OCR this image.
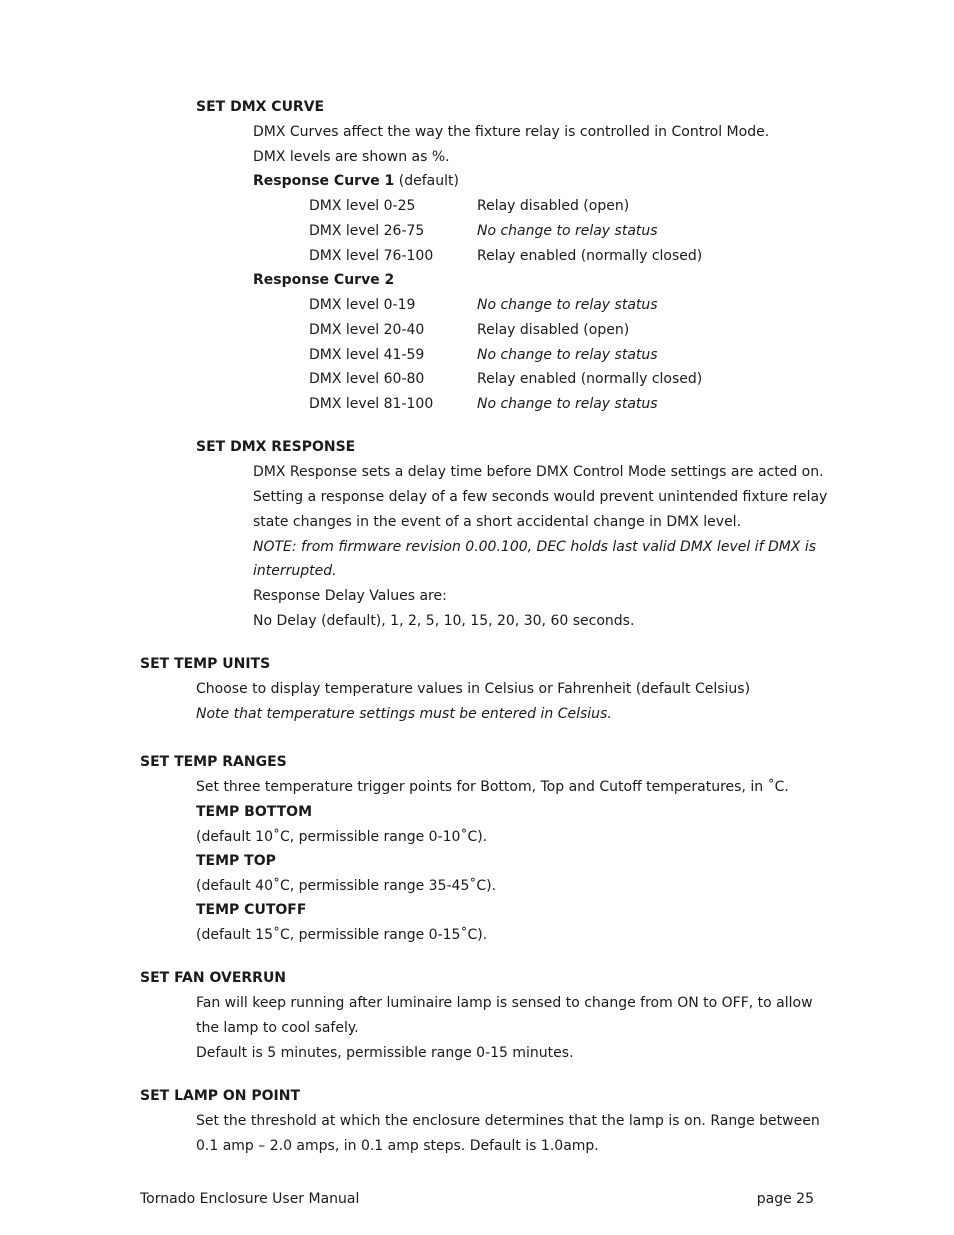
SET DMX CURVE
DMX Curves affect the way the fixture relay is controlled in Control Mode.
DMX levels are shown as %.
Response Curve 1 (default)
DMX level 0-25	Relay disabled (open)
DMX level 26-75	No change to relay status
DMX level 76-100	Relay enabled (normally closed)
Response Curve 2
DMX level 0-19	No change to relay status
DMX level 20-40	Relay disabled (open)
DMX level 41-59	No change to relay status
DMX level 60-80	Relay enabled (normally closed)
DMX level 81-100	No change to relay status
SET DMX RESPONSE
DMX Response sets a delay time before DMX Control Mode settings are acted on.
Setting a response delay of a few seconds would prevent unintended fixture relay
state changes in the event of a short accidental change in DMX level.
NOTE: from firmware revision 0.00.100, DEC holds last valid DMX level if DMX is
interrupted.
Response Delay Values are:
No Delay (default), 1, 2, 5, 10, 15, 20, 30, 60 seconds.
SET TEMP UNITS
Choose to display temperature values in Celsius or Fahrenheit (default Celsius)
Note that temperature settings must be entered in Celsius.
SET TEMP RANGES
Set three temperature trigger points for Bottom, Top and Cutoff temperatures, in ˚C.
TEMP BOTTOM
(default 10˚C, permissible range 0-10˚C).
TEMP TOP
(default 40˚C, permissible range 35-45˚C).
TEMP CUTOFF
(default 15˚C, permissible range 0-15˚C).
SET FAN OVERRUN
Fan will keep running after luminaire lamp is sensed to change from ON to OFF, to allow
the lamp to cool safely.
Default is 5 minutes, permissible range 0-15 minutes.
SET LAMP ON POINT
Set the threshold at which the enclosure determines that the lamp is on. Range between
0.1 amp – 2.0 amps, in 0.1 amp steps. Default is 1.0amp.
Tornado Enclosure User Manual	page 25
